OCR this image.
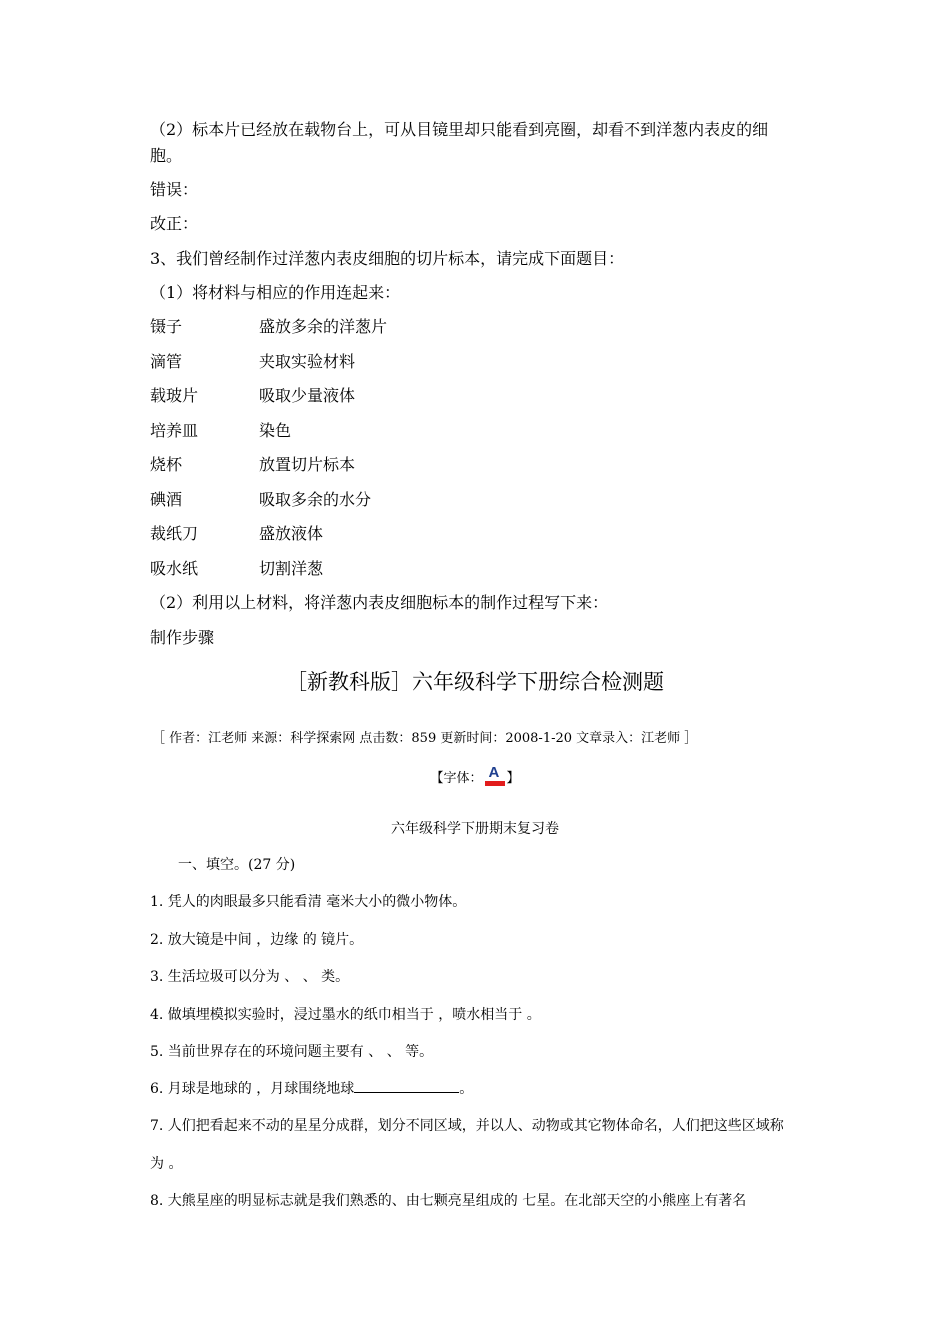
（2）标本片已经放在载物台上，可从目镜里却只能看到亮圈，却看不到洋葱内表皮的细
胞。
错误：
改正：
3、我们曾经制作过洋葱内表皮细胞的切片标本，请完成下面题目：
（1）将材料与相应的作用连起来：
镊子	盛放多余的洋葱片
滴管	夹取实验材料
载玻片	吸取少量液体
培养皿	染色
烧杯	放置切片标本
碘酒	吸取多余的水分
裁纸刀	盛放液体
吸水纸	切割洋葱
（2）利用以上材料，将洋葱内表皮细胞标本的制作过程写下来：
制作步骤
［新教科版］六年级科学下册综合检测题
［ 作者：江老师 来源：科学探索网 点击数：859 更新时间：2008-1-20 文章录入：江老师 ］
【字体： A 】
六年级科学下册期末复习卷
一、填空。(27 分)
1. 凭人的肉眼最多只能看清 毫米大小的微小物体。
2. 放大镜是中间 ，边缘 的 镜片。
3. 生活垃圾可以分为 、 、 类。
4. 做填埋模拟实验时，浸过墨水的纸巾相当于 ，喷水相当于 。
5. 当前世界存在的环境问题主要有 、 、 等。
6. 月球是地球的 ，月球围绕地球	。
7. 人们把看起来不动的星星分成群，划分不同区域，并以人、动物或其它物体命名，人们把这些区域称
为 。
8. 大熊星座的明显标志就是我们熟悉的、由七颗亮星组成的 七星。在北部天空的小熊座上有著名
